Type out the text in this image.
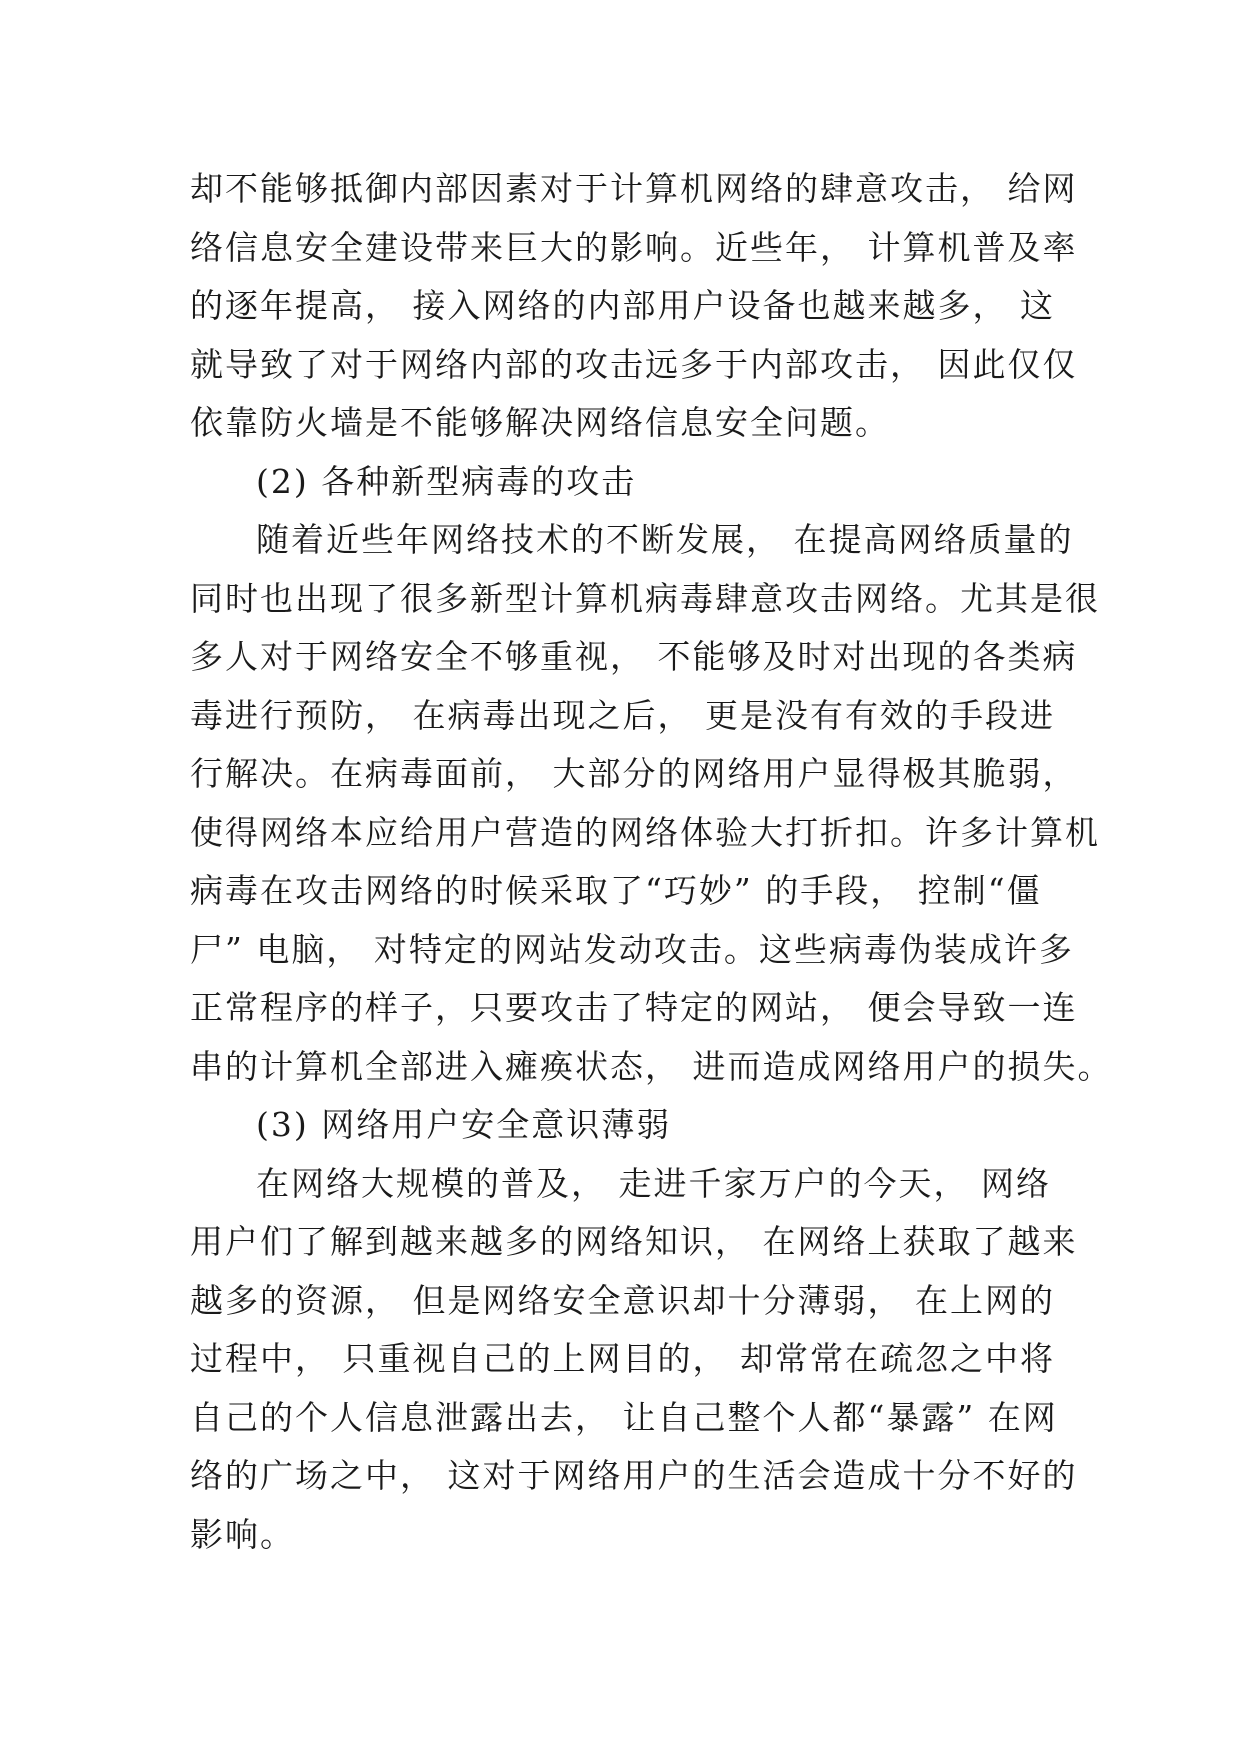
却不能够抵御内部因素对于计算机网络的肆意攻击， 给网
络信息安全建设带来巨大的影响。近些年， 计算机普及率
的逐年提高， 接入网络的内部用户设备也越来越多， 这
就导致了对于网络内部的攻击远多于内部攻击， 因此仅仅
依靠防火墙是不能够解决网络信息安全问题。
(2) 各种新型病毒的攻击
随着近些年网络技术的不断发展， 在提高网络质量的
同时也出现了很多新型计算机病毒肆意攻击网络。尤其是很
多人对于网络安全不够重视， 不能够及时对出现的各类病
毒进行预防， 在病毒出现之后， 更是没有有效的手段进
行解决。在病毒面前， 大部分的网络用户显得极其脆弱，
使得网络本应给用户营造的网络体验大打折扣。许多计算机
病毒在攻击网络的时候采取了“巧妙” 的手段， 控制“僵
尸” 电脑， 对特定的网站发动攻击。这些病毒伪装成许多
正常程序的样子，只要攻击了特定的网站， 便会导致一连
串的计算机全部进入瘫痪状态， 进而造成网络用户的损失。
(3) 网络用户安全意识薄弱
在网络大规模的普及， 走进千家万户的今天， 网络
用户们了解到越来越多的网络知识， 在网络上获取了越来
越多的资源， 但是网络安全意识却十分薄弱， 在上网的
过程中， 只重视自己的上网目的， 却常常在疏忽之中将
自己的个人信息泄露出去， 让自己整个人都“暴露” 在网
络的广场之中， 这对于网络用户的生活会造成十分不好的
影响。
